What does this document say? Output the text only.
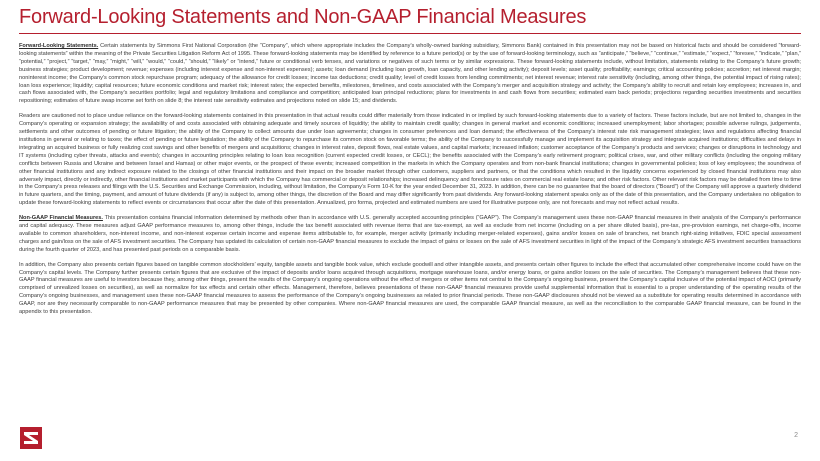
Forward-Looking Statements and Non-GAAP Financial Measures

Forward-Looking Statements. Certain statements by Simmons First National Corporation (the “Company”, which where appropriate includes the Company’s wholly-owned banking subsidiary, Simmons Bank) contained in this presentation may not be based on historical facts and should be considered “forward-looking statements” within the meaning of the Private Securities Litigation Reform Act of 1995. These forward-looking statements may be identified by reference to a future period(s) or by the use of forward-looking terminology, such as “anticipate,” “believe,” “continue,” “estimate,” “expect,” “foresee,” “indicate,” “plan,” “potential,” “project,” “target,” “may,” “might,” “will,” “would,” “could,” “should,” “likely” or “intend,” future or conditional verb tenses, and variations or negatives of such terms or by similar expressions. These forward-looking statements include, without limitation, statements relating to the Company’s future growth; business strategies; product development; revenue; expenses (including interest expense and non-interest expenses); assets; loan demand (including loan growth, loan capacity, and other lending activity); deposit levels; asset quality; profitability; earnings; critical accounting policies; accretion; net interest margin; noninterest income; the Company’s common stock repurchase program; adequacy of the allowance for credit losses; income tax deductions; credit quality; level of credit losses from lending commitments; net interest revenue; interest rate sensitivity (including, among other things, the potential impact of rising rates); loan loss experience; liquidity; capital resources; future economic conditions and market risk; interest rates; the expected benefits, milestones, timelines, and costs associated with the Company’s merger and acquisition strategy and activity; the Company’s ability to recruit and retain key employees; increases in, and cash flows associated with, the Company’s securities portfolio; legal and regulatory limitations and compliance and competition; anticipated loan principal reductions; plans for investments in and cash flows from securities; estimated earn back periods; projections regarding securities investments and securities repositioning; estimates of future swap income set forth on slide 8; the interest rate sensitivity estimates and projections noted on slide 15; and dividends.

Readers are cautioned not to place undue reliance on the forward-looking statements contained in this presentation in that actual results could differ materially from those indicated in or implied by such forward-looking statements due to a variety of factors. These factors include, but are not limited to, changes in the Company’s operating or expansion strategy; the availability of and costs associated with obtaining adequate and timely sources of liquidity; the ability to maintain credit quality; changes in general market and economic conditions; increased unemployment; labor shortages; possible adverse rulings, judgements, settlements and other outcomes of pending or future litigation; the ability of the Company to collect amounts due under loan agreements; changes in consumer preferences and loan demand; the effectiveness of the Company’s interest rate risk management strategies; laws and regulations affecting financial institutions in general or relating to taxes; the effect of pending or future legislation; the ability of the Company to repurchase its common stock on favorable terms; the ability of the Company to successfully manage and implement its acquisition strategy and integrate acquired institutions; difficulties and delays in integrating an acquired business or fully realizing cost savings and other benefits of mergers and acquisitions; changes in interest rates, deposit flows, real estate values, and capital markets; increased inflation; customer acceptance of the Company’s products and services; changes or disruptions in technology and IT systems (including cyber threats, attacks and events); changes in accounting principles relating to loan loss recognition (current expected credit losses, or CECL); the benefits associated with the Company’s early retirement program; political crises, war, and other military conflicts (including the ongoing military conflicts between Russia and Ukraine and between Israel and Hamas) or other major events, or the prospect of these events; increased competition in the markets in which the Company operates and from non-bank financial institutions; changes in governmental policies; loss of key employees; the soundness of other financial institutions and any indirect exposure related to the closings of other financial institutions and their impact on the broader market through other customers, suppliers and partners, or that the conditions which resulted in the liquidity concerns experienced by closed financial institutions may also adversely impact, directly or indirectly, other financial institutions and market participants with which the Company has commercial or deposit relationships; increased delinquency and foreclosure rates on commercial real estate loans; and other risk factors. Other relevant risk factors may be detailed from time to time in the Company’s press releases and filings with the U.S. Securities and Exchange Commission, including, without limitation, the Company’s Form 10-K for the year ended December 31, 2023. In addition, there can be no guarantee that the board of directors (“Board”) of the Company will approve a quarterly dividend in future quarters, and the timing, payment, and amount of future dividends (if any) is subject to, among other things, the discretion of the Board and may differ significantly from past dividends. Any forward-looking statement speaks only as of the date of this presentation, and the Company undertakes no obligation to update these forward-looking statements to reflect events or circumstances that occur after the date of this presentation. Annualized, pro forma, projected and estimated numbers are used for illustrative purpose only, are not forecasts and may not reflect actual results.

Non-GAAP Financial Measures. This presentation contains financial information determined by methods other than in accordance with U.S. generally accepted accounting principles (“GAAP”). The Company’s management uses these non-GAAP financial measures in their analysis of the Company’s performance and capital adequacy. These measures adjust GAAP performance measures to, among other things, include the tax benefit associated with revenue items that are tax-exempt, as well as exclude from net income (including on a per share diluted basis), pre-tax, pre-provision earnings, net charge-offs, income available to common shareholders, non-interest income, and non-interest expense certain income and expense items attributable to, for example, merger activity (primarily including merger-related expenses), gains and/or losses on sale of branches, net branch right-sizing initiatives, FDIC special assessment charges and gain/loss on the sale of AFS investment securities. The Company has updated its calculation of certain non-GAAP financial measures to exclude the impact of gains or losses on the sale of AFS investment securities in light of the impact of the Company’s strategic AFS investment securities transactions during the fourth quarter of 2023, and has presented past periods on a comparable basis.

In addition, the Company also presents certain figures based on tangible common stockholders’ equity, tangible assets and tangible book value, which exclude goodwill and other intangible assets, and presents certain other figures to include the effect that accumulated other comprehensive income could have on the Company’s capital levels. The Company further presents certain figures that are exclusive of the impact of deposits and/or loans acquired through acquisitions, mortgage warehouse loans, and/or energy loans, or gains and/or losses on the sale of securities. The Company’s management believes that these non-GAAP financial measures are useful to investors because they, among other things, present the results of the Company’s ongoing operations without the effect of mergers or other items not central to the Company’s ongoing business, present the Company’s capital inclusive of the potential impact of AOCI (primarily comprised of unrealized losses on securities), as well as normalize for tax effects and certain other effects. Management, therefore, believes presentations of these non-GAAP financial measures provide useful supplemental information that is essential to a proper understanding of the operating results of the Company’s ongoing businesses, and management uses these non-GAAP financial measures to assess the performance of the Company’s ongoing businesses as related to prior financial periods. These non-GAAP disclosures should not be viewed as a substitute for operating results determined in accordance with GAAP, nor are they necessarily comparable to non-GAAP performance measures that may be presented by other companies. Where non-GAAP financial measures are used, the comparable GAAP financial measure, as well as the reconciliation to the comparable GAAP financial measure, can be found in the appendix to this presentation.

2
